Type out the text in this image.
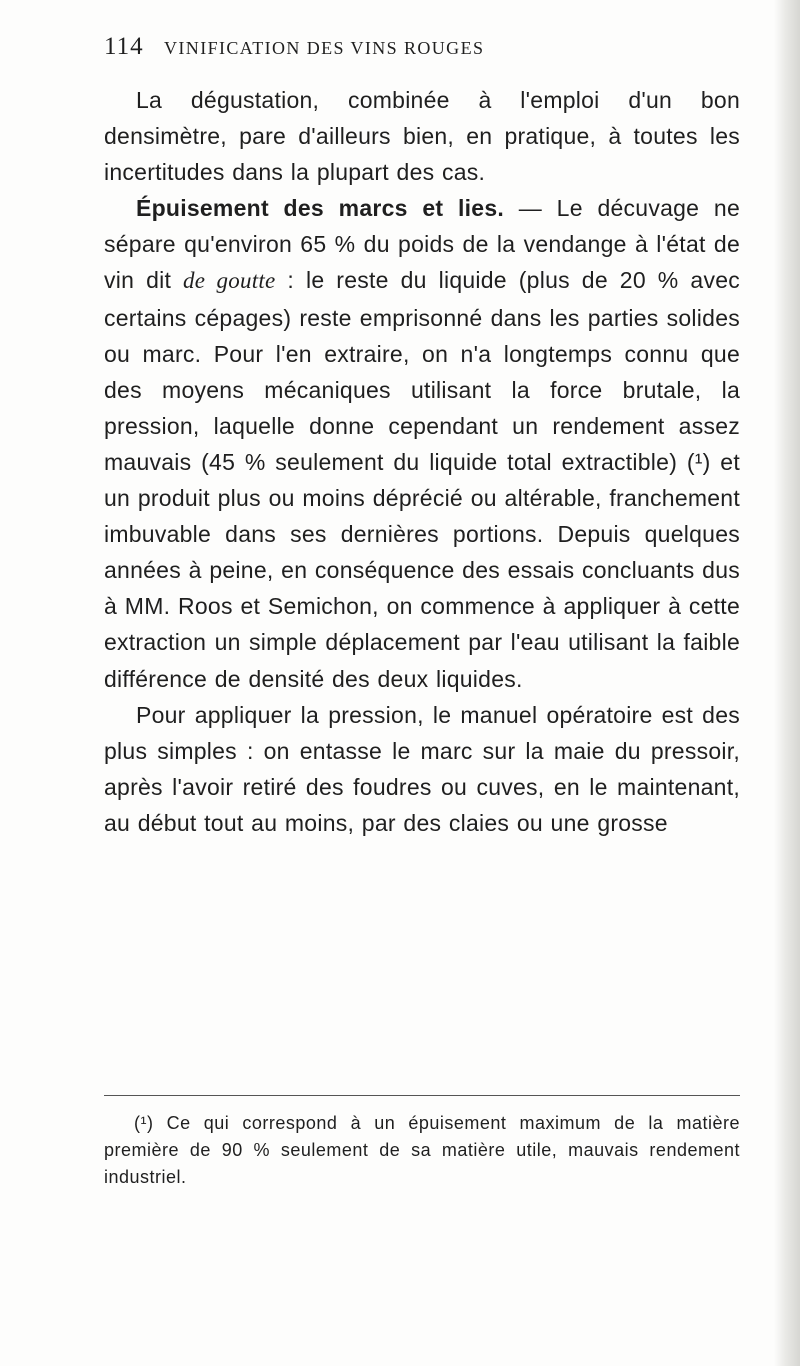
114 VINIFICATION DES VINS ROUGES

La dégustation, combinée à l'emploi d'un bon densimètre, pare d'ailleurs bien, en pratique, à toutes les incertitudes dans la plupart des cas.

Épuisement des marcs et lies. — Le décuvage ne sépare qu'environ 65 % du poids de la vendange à l'état de vin dit de goutte : le reste du liquide (plus de 20 % avec certains cépages) reste emprisonné dans les parties solides ou marc. Pour l'en extraire, on n'a longtemps connu que des moyens mécaniques utilisant la force brutale, la pression, laquelle donne cependant un rendement assez mauvais (45 % seulement du liquide total extractible) (¹) et un produit plus ou moins déprécié ou altérable, franchement imbuvable dans ses dernières portions. Depuis quelques années à peine, en conséquence des essais concluants dus à MM. Roos et Semichon, on commence à appliquer à cette extraction un simple déplacement par l'eau utilisant la faible différence de densité des deux liquides.

Pour appliquer la pression, le manuel opératoire est des plus simples : on entasse le marc sur la maie du pressoir, après l'avoir retiré des foudres ou cuves, en le maintenant, au début tout au moins, par des claies ou une grosse

(¹) Ce qui correspond à un épuisement maximum de la matière première de 90 % seulement de sa matière utile, mauvais rendement industriel.
